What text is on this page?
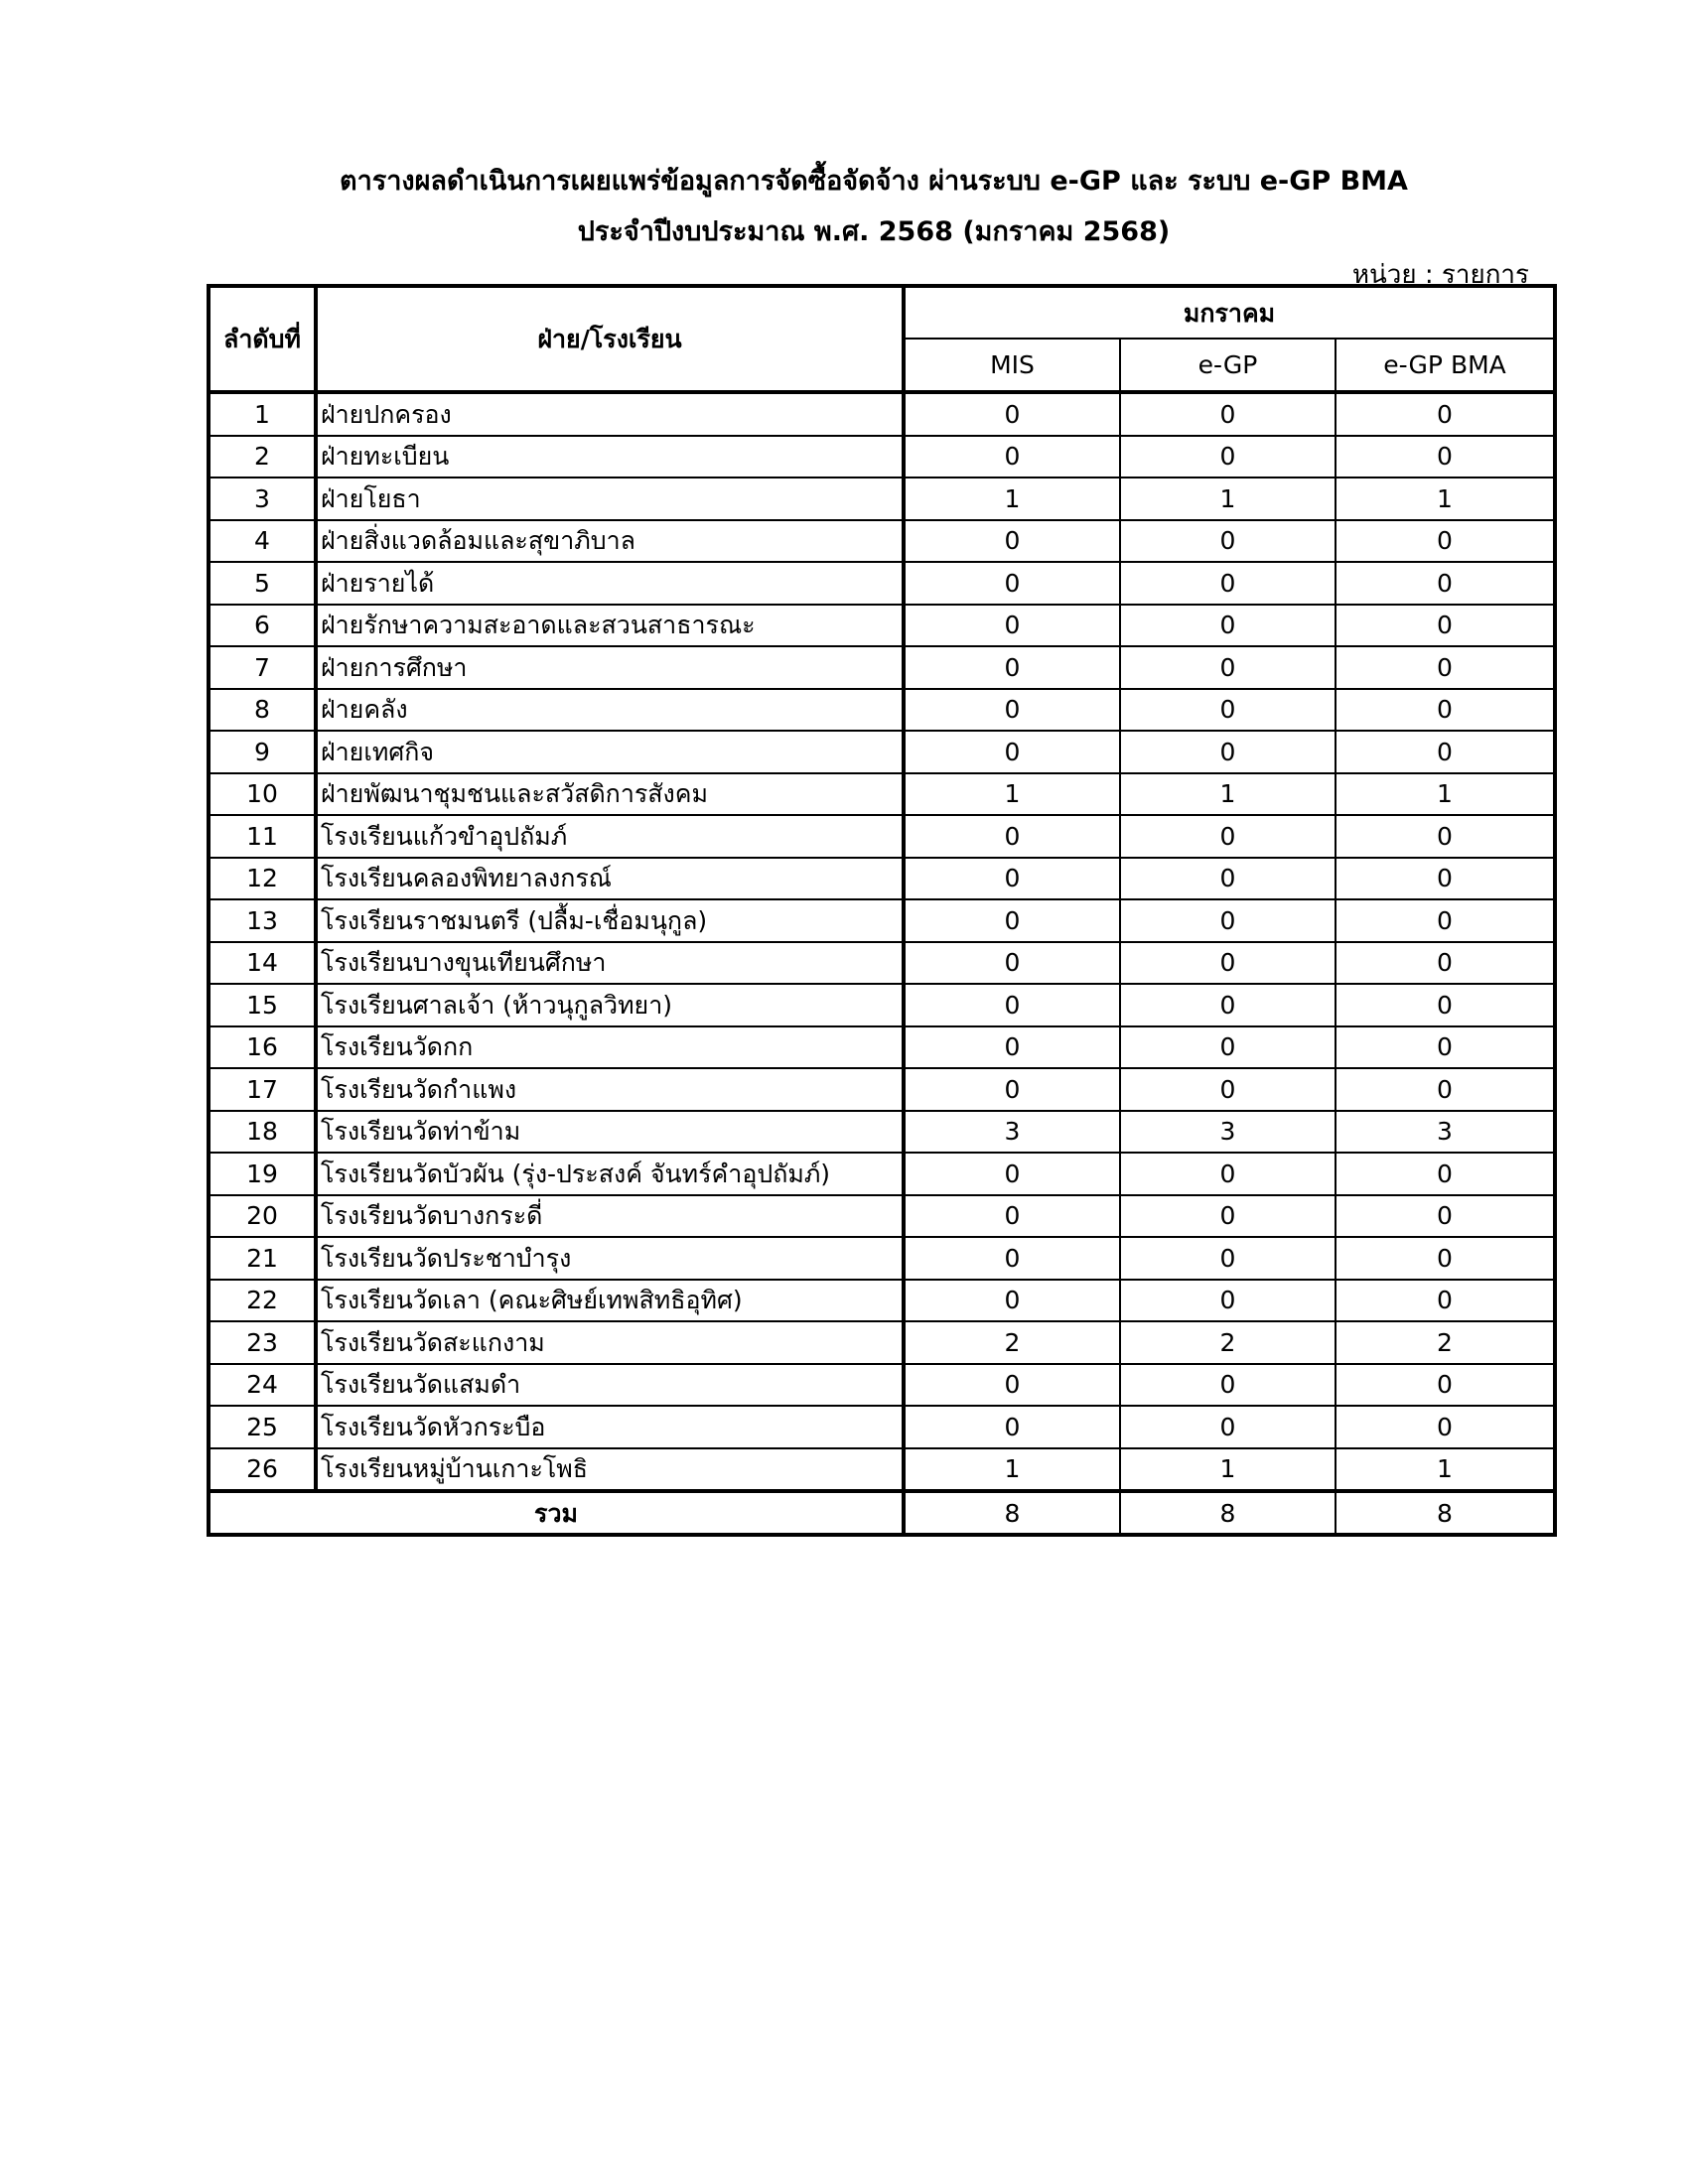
ตารางผลดำเนินการเผยแพร่ข้อมูลการจัดซื้อจัดจ้าง ผ่านระบบ e-GP และ ระบบ e-GP BMA
ประจำปีงบประมาณ พ.ศ. 2568 (มกราคม 2568)
หน่วย : รายการ
ลำดับที่	ฝ่าย/โรงเรียน	มกราคม		
		MIS	e-GP	e-GP BMA
1	ฝ่ายปกครอง	0	0	0
2	ฝ่ายทะเบียน	0	0	0
3	ฝ่ายโยธา	1	1	1
4	ฝ่ายสิ่งแวดล้อมและสุขาภิบาล	0	0	0
5	ฝ่ายรายได้	0	0	0
6	ฝ่ายรักษาความสะอาดและสวนสาธารณะ	0	0	0
7	ฝ่ายการศึกษา	0	0	0
8	ฝ่ายคลัง	0	0	0
9	ฝ่ายเทศกิจ	0	0	0
10	ฝ่ายพัฒนาชุมชนและสวัสดิการสังคม	1	1	1
11	โรงเรียนแก้วขำอุปถัมภ์	0	0	0
12	โรงเรียนคลองพิทยาลงกรณ์	0	0	0
13	โรงเรียนราชมนตรี (ปลื้ม-เชื่อมนุกูล)	0	0	0
14	โรงเรียนบางขุนเทียนศึกษา	0	0	0
15	โรงเรียนศาลเจ้า (ห้าวนุกูลวิทยา)	0	0	0
16	โรงเรียนวัดกก	0	0	0
17	โรงเรียนวัดกำแพง	0	0	0
18	โรงเรียนวัดท่าข้าม	3	3	3
19	โรงเรียนวัดบัวผัน (รุ่ง-ประสงค์ จันทร์คำอุปถัมภ์)	0	0	0
20	โรงเรียนวัดบางกระดี่	0	0	0
21	โรงเรียนวัดประชาบำรุง	0	0	0
22	โรงเรียนวัดเลา (คณะศิษย์เทพสิทธิอุทิศ)	0	0	0
23	โรงเรียนวัดสะแกงาม	2	2	2
24	โรงเรียนวัดแสมดำ	0	0	0
25	โรงเรียนวัดหัวกระบือ	0	0	0
26	โรงเรียนหมู่บ้านเกาะโพธิ	1	1	1
รวม		8	8	8
